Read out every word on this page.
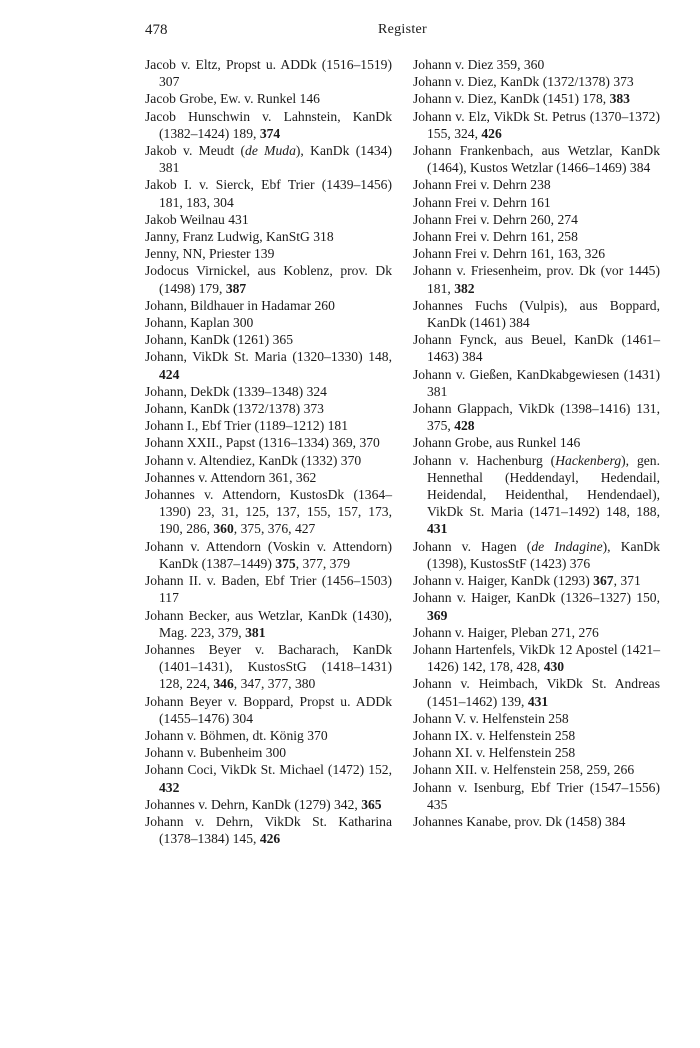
478	Register

Jacob v. Eltz, Propst u. ADDk (1516–1519) 307

Jacob Grobe, Ew. v. Runkel 146

Jacob Hunschwin v. Lahnstein, KanDk (1382–1424) 189, 374

Jakob v. Meudt (de Muda), KanDk (1434) 381

Jakob I. v. Sierck, Ebf Trier (1439–1456) 181, 183, 304

Jakob Weilnau 431

Janny, Franz Ludwig, KanStG 318

Jenny, NN, Priester 139

Jodocus Virnickel, aus Koblenz, prov. Dk (1498) 179, 387

Johann, Bildhauer in Hadamar 260

Johann, Kaplan 300

Johann, KanDk (1261) 365

Johann, VikDk St. Maria (1320–1330) 148, 424

Johann, DekDk (1339–1348) 324

Johann, KanDk (1372/1378) 373

Johann I., Ebf Trier (1189–1212) 181

Johann XXII., Papst (1316–1334) 369, 370

Johann v. Altendiez, KanDk (1332) 370

Johannes v. Attendorn 361, 362

Johannes v. Attendorn, KustosDk (1364–1390) 23, 31, 125, 137, 155, 157, 173, 190, 286, 360, 375, 376, 427

Johann v. Attendorn (Voskin v. Attendorn) KanDk (1387–1449) 375, 377, 379

Johann II. v. Baden, Ebf Trier (1456–1503) 117

Johann Becker, aus Wetzlar, KanDk (1430), Mag. 223, 379, 381

Johannes Beyer v. Bacharach, KanDk (1401–1431), KustosStG (1418–1431) 128, 224, 346, 347, 377, 380

Johann Beyer v. Boppard, Propst u. ADDk (1455–1476) 304

Johann v. Böhmen, dt. König 370

Johann v. Bubenheim 300

Johann Coci, VikDk St. Michael (1472) 152, 432

Johannes v. Dehrn, KanDk (1279) 342, 365

Johann v. Dehrn, VikDk St. Katharina (1378–1384) 145, 426

Johann v. Diez 359, 360

Johann v. Diez, KanDk (1372/1378) 373

Johann v. Diez, KanDk (1451) 178, 383

Johann v. Elz, VikDk St. Petrus (1370–1372) 155, 324, 426

Johann Frankenbach, aus Wetzlar, KanDk (1464), Kustos Wetzlar (1466–1469) 384

Johann Frei v. Dehrn 238

Johann Frei v. Dehrn 161

Johann Frei v. Dehrn 260, 274

Johann Frei v. Dehrn 161, 258

Johann Frei v. Dehrn 161, 163, 326

Johann v. Friesenheim, prov. Dk (vor 1445) 181, 382

Johannes Fuchs (Vulpis), aus Boppard, KanDk (1461) 384

Johann Fynck, aus Beuel, KanDk (1461–1463) 384

Johann v. Gießen, KanDkabgewiesen (1431) 381

Johann Glappach, VikDk (1398–1416) 131, 375, 428

Johann Grobe, aus Runkel 146

Johann v. Hachenburg (Hackenberg), gen. Hennethal (Heddendayl, Hedendail, Heidendal, Heidenthal, Hendendael), VikDk St. Maria (1471–1492) 148, 188, 431

Johann v. Hagen (de Indagine), KanDk (1398), KustosStF (1423) 376

Johann v. Haiger, KanDk (1293) 367, 371

Johann v. Haiger, KanDk (1326–1327) 150, 369

Johann v. Haiger, Pleban 271, 276

Johann Hartenfels, VikDk 12 Apostel (1421–1426) 142, 178, 428, 430

Johann v. Heimbach, VikDk St. Andreas (1451–1462) 139, 431

Johann V. v. Helfenstein 258

Johann IX. v. Helfenstein 258

Johann XI. v. Helfenstein 258

Johann XII. v. Helfenstein 258, 259, 266

Johann v. Isenburg, Ebf Trier (1547–1556) 435

Johannes Kanabe, prov. Dk (1458) 384
